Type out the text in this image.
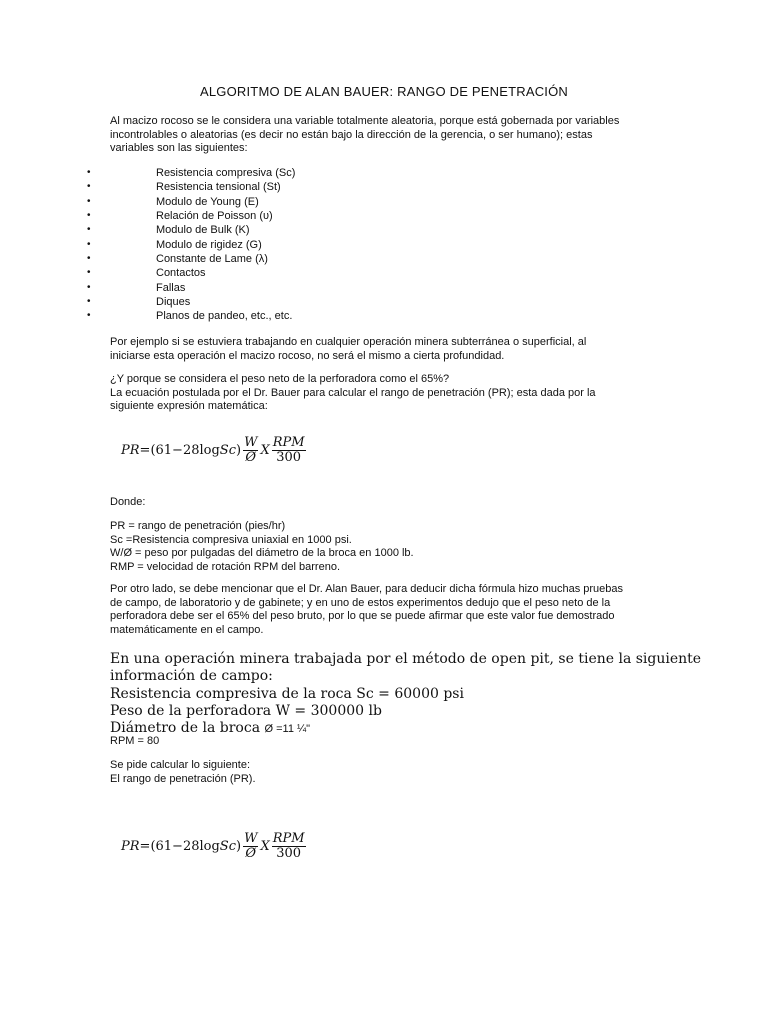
ALGORITMO DE ALAN BAUER: RANGO DE PENETRACIÓN
Al macizo rocoso se le considera una variable totalmente aleatoria, porque está gobernada por variables
incontrolables o aleatorias (es decir no están bajo la dirección de la gerencia, o ser humano); estas
variables son las siguientes:
•	Resistencia compresiva (Sc)
•	Resistencia tensional (St)
•	Modulo de Young (E)
•	Relación de Poisson (υ)
•	Modulo de Bulk (K)
•	Modulo de rigidez (G)
•	Constante de Lame (λ)
•	Contactos
•	Fallas
•	Diques
•	Planos de pandeo, etc., etc.
Por ejemplo si se estuviera trabajando en cualquier operación minera subterránea o superficial, al
iniciarse esta operación el macizo rocoso, no será el mismo a cierta profundidad.
¿Y porque se considera el peso neto de la perforadora como el 65%?
La ecuación postulada por el Dr. Bauer para calcular el rango de penetración (PR); esta dada por la
siguiente expresión matemática:
PR =(61−28log Sc ) $\frac{W}{Ø}$ X $\frac{\text{RPM}}{300}$
Donde:
PR = rango de penetración (pies/hr)
Sc =Resistencia compresiva uniaxial en 1000 psi.
W/Ø = peso por pulgadas del diámetro de la broca en 1000 lb.
RMP = velocidad de rotación RPM del barreno.
Por otro lado, se debe mencionar que el Dr. Alan Bauer, para deducir dicha fórmula hizo muchas pruebas
de campo, de laboratorio y de gabinete; y en uno de estos experimentos dedujo que el peso neto de la
perforadora debe ser el 65% del peso bruto, por lo que se puede afirmar que este valor fue demostrado
matemáticamente en el campo.
En una operación minera trabajada por el método de open pit, se tiene la siguiente
información de campo:
Resistencia compresiva de la roca Sc = 60000 psi
Peso de la perforadora W = 300000 lb
Diámetro de la broca Ø =11 ¼"
RPM = 80
Se pide calcular lo siguiente:
El rango de penetración (PR).
PR =(61−28log Sc ) $\frac{W}{Ø}$ X $\frac{\text{RPM}}{300}$
